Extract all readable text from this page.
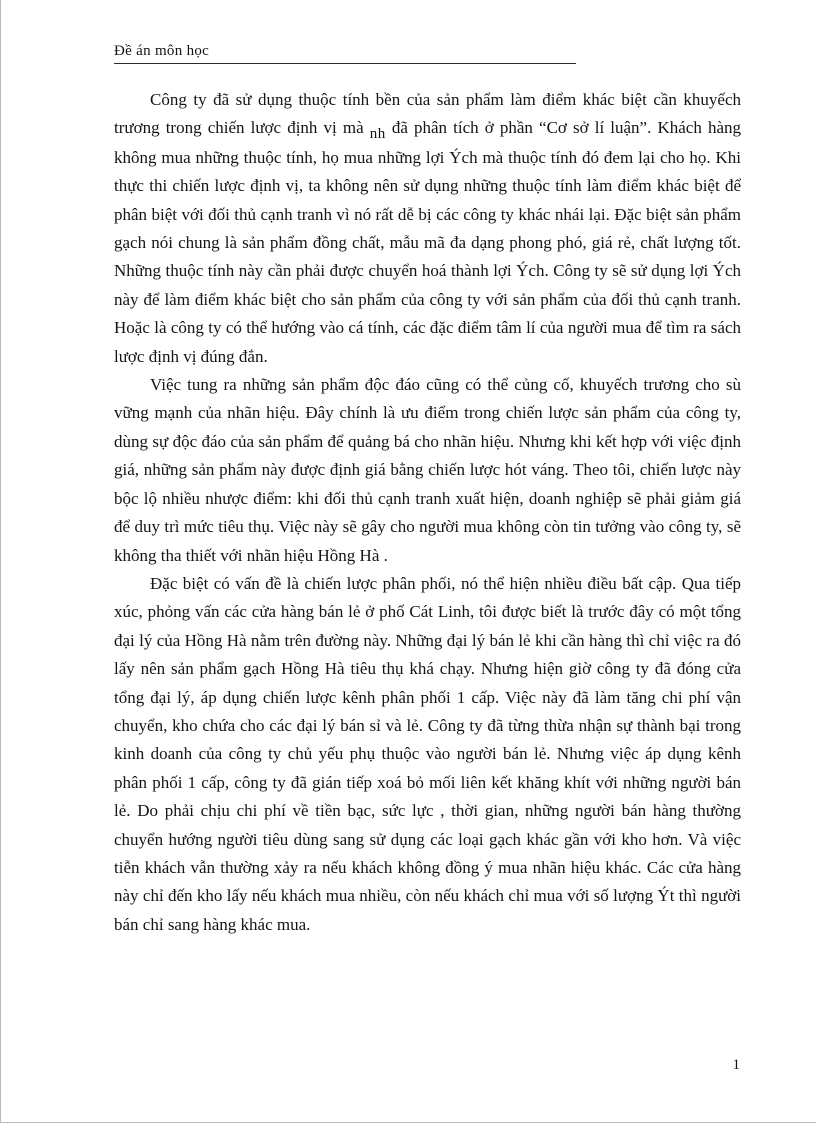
Đề án môn học

Công ty đã sử dụng thuộc tính bền của sản phẩm làm điểm khác biệt cần khuyếch trương trong chiến lược định vị mà nh đã phân tích ở phần “Cơ sở lí luận”. Khách hàng không mua những thuộc tính, họ mua những lợi Ých mà thuộc tính đó đem lại cho họ. Khi thực thi chiến lược định vị, ta không nên sử dụng những thuộc tính làm điểm khác biệt để phân biệt với đối thủ cạnh tranh vì nó rất dễ bị các công ty khác nhái lại. Đặc biệt sản phẩm gạch nói chung là sản phẩm đồng chất, mẫu mã đa dạng phong phó, giá rẻ, chất lượng tốt. Những thuộc tính này cần phải được chuyển hoá thành lợi Ých. Công ty sẽ sử dụng lợi Ých này để làm điểm khác biệt cho sản phẩm của công ty với sản phẩm của đối thủ cạnh tranh. Hoặc là công ty có thể hướng vào cá tính, các đặc điểm tâm lí của người mua để tìm ra sách lược định vị đúng đắn.

Việc tung ra những sản phẩm độc đáo cũng có thể củng cố, khuyếch trương cho sù vững mạnh của nhãn hiệu. Đây chính là ưu điểm trong chiến lược sản phẩm của công ty, dùng sự độc đáo của sản phẩm để quảng bá cho nhãn hiệu. Nhưng khi kết hợp với việc định giá, những sản phẩm này được định giá bằng chiến lược hót váng. Theo tôi, chiến lược này bộc lộ nhiều nhược điểm: khi đối thủ cạnh tranh xuất hiện, doanh nghiệp sẽ phải giảm giá để duy trì mức tiêu thụ. Việc này sẽ gây cho người mua không còn tin tưởng vào công ty, sẽ không tha thiết với nhãn hiệu Hồng Hà .

Đặc biệt có vấn đề là chiến lược phân phối, nó thể hiện nhiều điều bất cập. Qua tiếp xúc, phỏng vấn các cửa hàng bán lẻ ở phố Cát Linh, tôi được biết là trước đây có một tổng đại lý của Hồng Hà nằm trên đường này. Những đại lý bán lẻ khi cần hàng thì chỉ việc ra đó lấy nên sản phẩm gạch Hồng Hà tiêu thụ khá chạy. Nhưng hiện giờ công ty đã đóng cửa tổng đại lý, áp dụng chiến lược kênh phân phối 1 cấp. Việc này đã làm tăng chi phí vận chuyển, kho chứa cho các đại lý bán sỉ và lẻ. Công ty đã từng thừa nhận sự thành bại trong kinh doanh của công ty chủ yếu phụ thuộc vào người bán lẻ. Nhưng việc áp dụng kênh phân phối 1 cấp, công ty đã gián tiếp xoá bỏ mối liên kết khăng khít với những người bán lẻ. Do phải chịu chi phí về tiền bạc, sức lực , thời gian, những người bán hàng thường chuyển hướng người tiêu dùng sang sử dụng các loại gạch khác gần với kho hơn. Và việc tiễn khách vẫn thường xảy ra nếu khách không đồng ý mua nhãn hiệu khác. Các cửa hàng này chỉ đến kho lấy nếu khách mua nhiều, còn nếu khách chỉ mua với số lượng Ýt thì người bán chỉ sang hàng khác mua.

1
